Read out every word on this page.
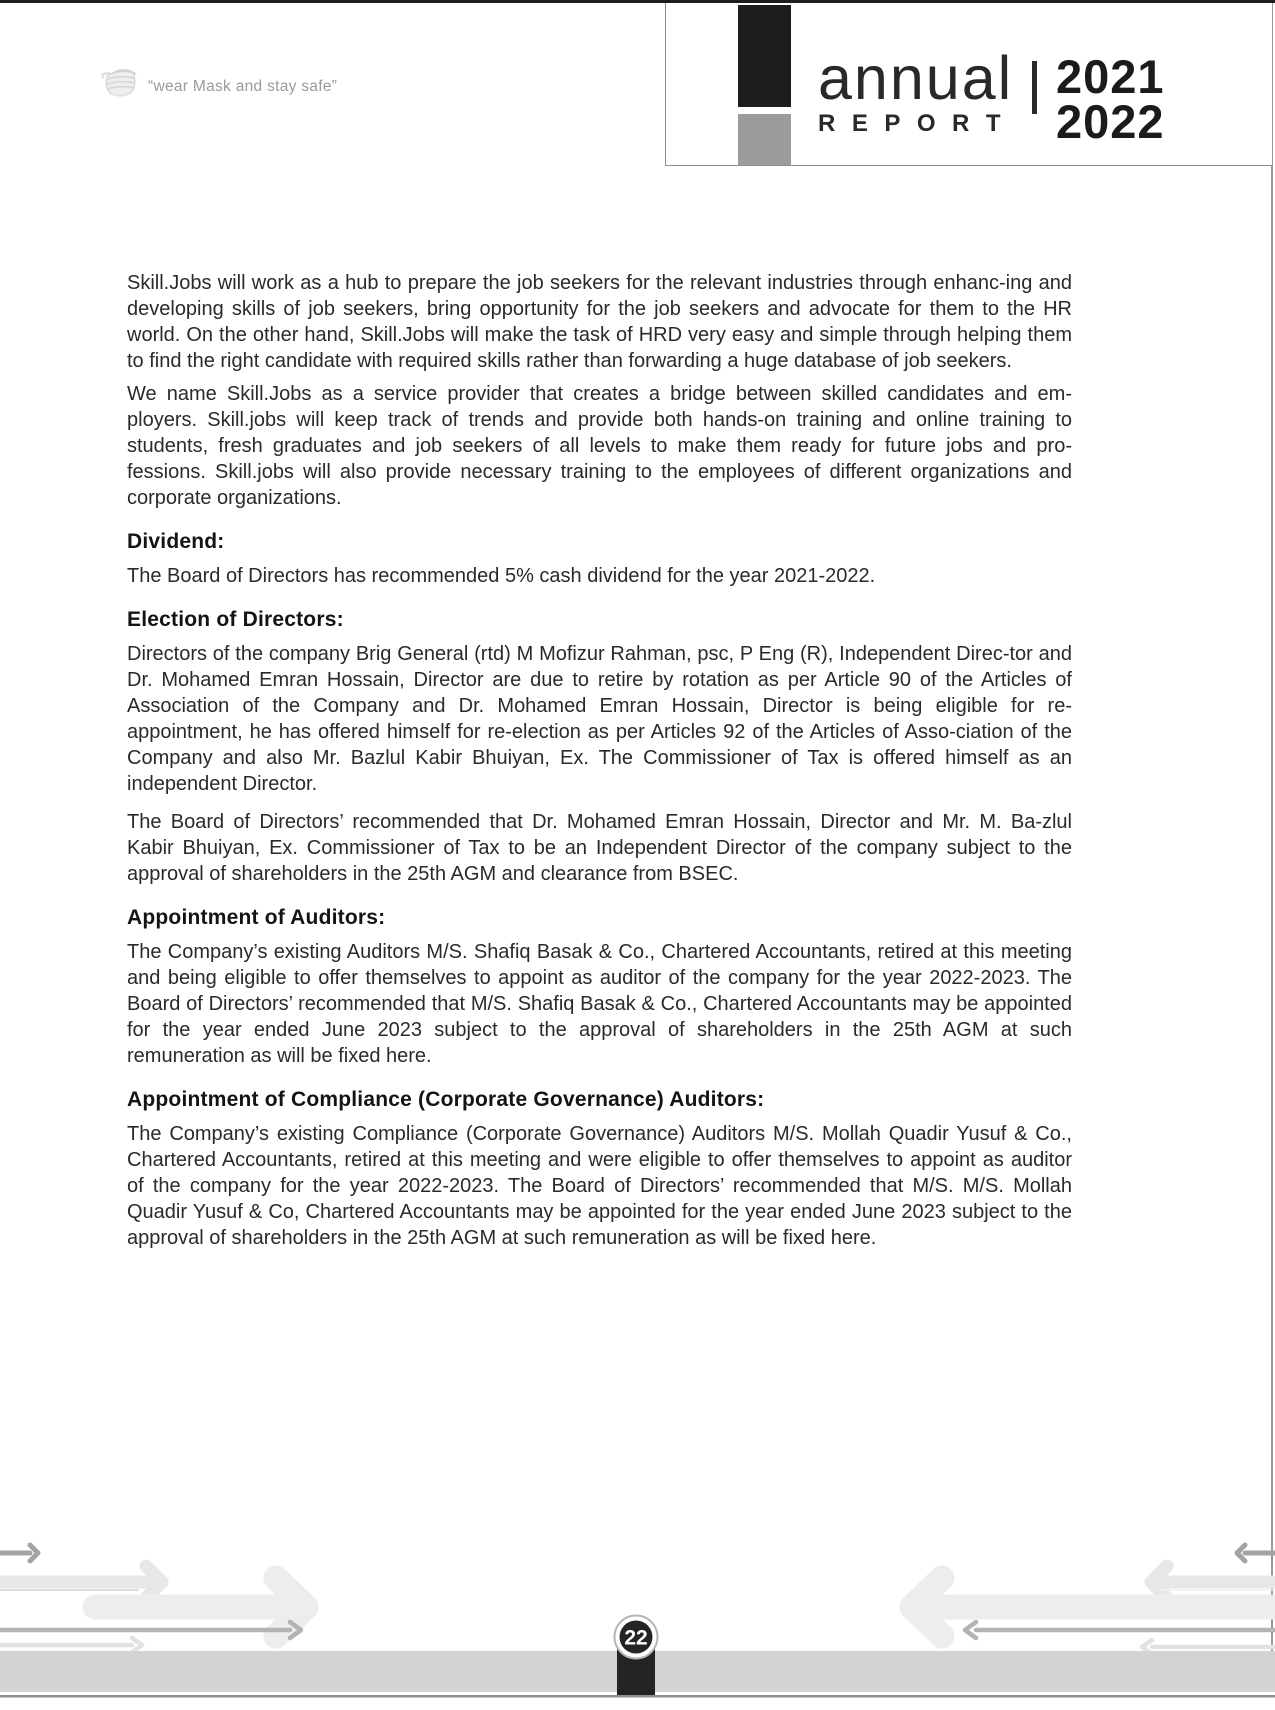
“wear Mask and stay safe”	annual
REPORT
2021
2022

Skill.Jobs will work as a hub to prepare the job seekers for the relevant industries through enhanc-ing and developing skills of job seekers, bring opportunity for the job seekers and advocate for them to the HR world. On the other hand, Skill.Jobs will make the task of HRD very easy and simple through helping them to find the right candidate with required skills rather than forwarding a huge database of job seekers.

We name Skill.Jobs as a service provider that creates a bridge between skilled candidates and em-ployers. Skill.jobs will keep track of trends and provide both hands-on training and online training to students, fresh graduates and job seekers of all levels to make them ready for future jobs and pro-fessions. Skill.jobs will also provide necessary training to the employees of different organizations and corporate organizations.

Dividend:

The Board of Directors has recommended 5% cash dividend for the year 2021-2022.

Election of Directors:

Directors of the company Brig General (rtd) M Mofizur Rahman, psc, P Eng (R), Independent Direc-tor and Dr. Mohamed Emran Hossain, Director are due to retire by rotation as per Article 90 of the Articles of Association of the Company and Dr. Mohamed Emran Hossain, Director is being eligible for re-appointment, he has offered himself for re-election as per Articles 92 of the Articles of Asso-ciation of the Company and also Mr. Bazlul Kabir Bhuiyan, Ex. The Commissioner of Tax is offered himself as an independent Director.

The Board of Directors’ recommended that Dr. Mohamed Emran Hossain, Director and Mr. M. Ba-zlul Kabir Bhuiyan, Ex. Commissioner of Tax to be an Independent Director of the company subject to the approval of shareholders in the 25th AGM and clearance from BSEC.

Appointment of Auditors:

The Company’s existing Auditors M/S. Shafiq Basak & Co., Chartered Accountants, retired at this meeting and being eligible to offer themselves to appoint as auditor of the company for the year 2022-2023. The Board of Directors’ recommended that M/S. Shafiq Basak & Co., Chartered Accountants may be appointed for the year ended June 2023 subject to the approval of shareholders in the 25th AGM at such remuneration as will be fixed here.

Appointment of Compliance (Corporate Governance) Auditors:

The Company’s existing Compliance (Corporate Governance) Auditors M/S. Mollah Quadir Yusuf & Co., Chartered Accountants, retired at this meeting and were eligible to offer themselves to appoint as auditor of the company for the year 2022-2023. The Board of Directors’ recommended that M/S. M/S. Mollah Quadir Yusuf & Co, Chartered Accountants may be appointed for the year ended June 2023 subject to the approval of shareholders in the 25th AGM at such remuneration as will be fixed here.

22
